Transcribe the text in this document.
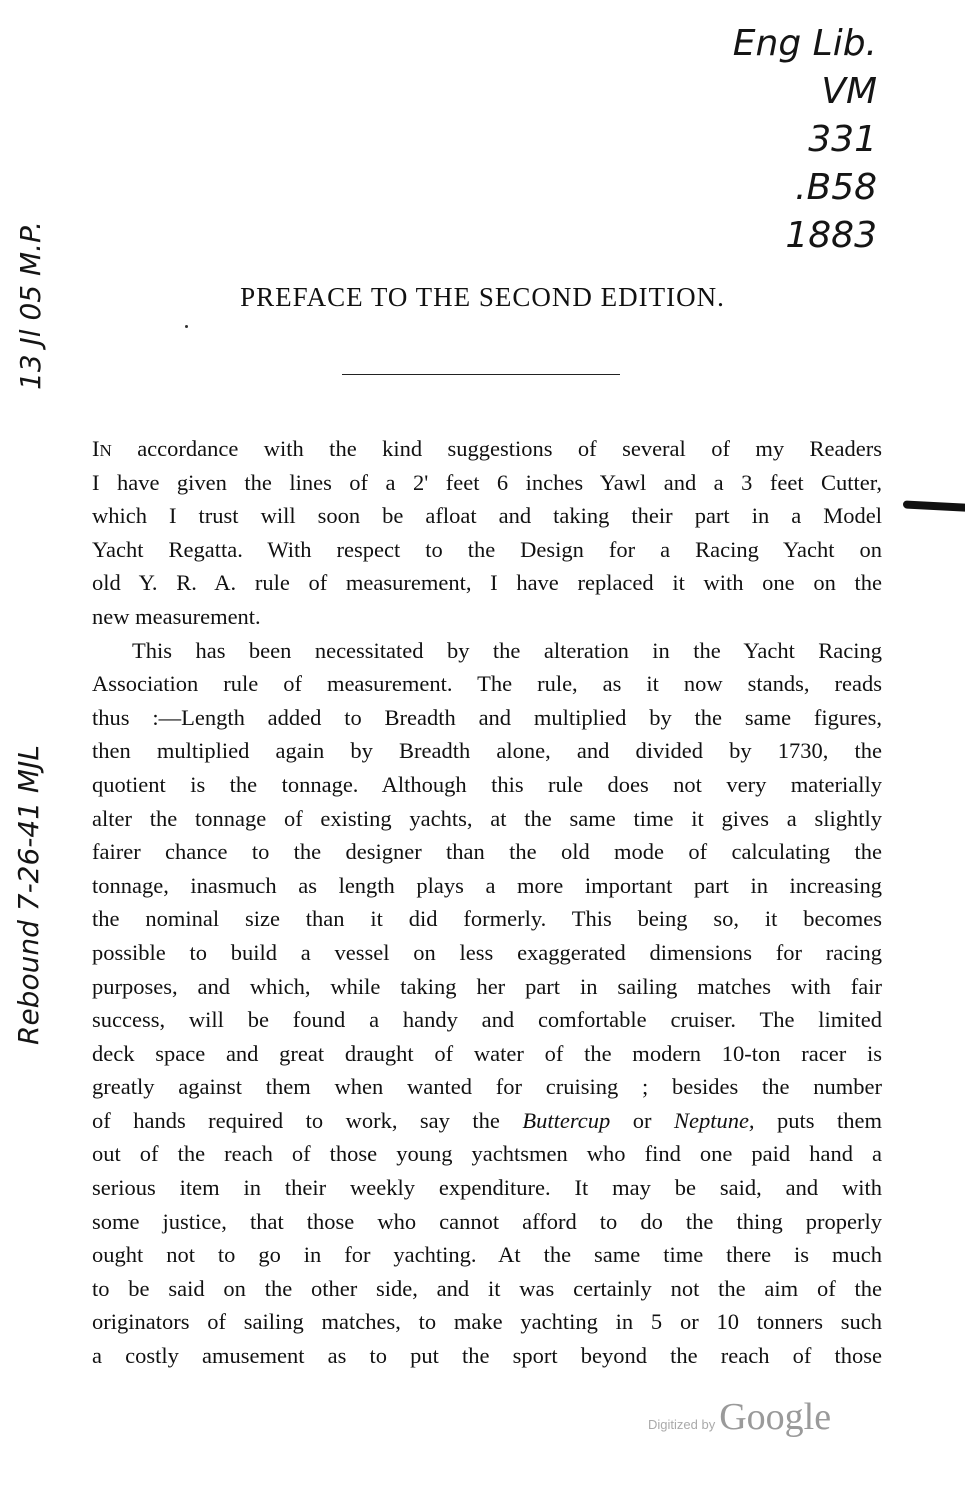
Eng Lib.
VM
331
.B58
1883
13 Jl 05 M.P.
Rebound 7-26-41 MJL
PREFACE TO THE SECOND EDITION.
IN accordance with the kind suggestions of several of my Readers
I have given the lines of a 2' feet 6 inches Yawl and a 3 feet Cutter,
which I trust will soon be afloat and taking their part in a Model
Yacht Regatta. With respect to the Design for a Racing Yacht on
old Y. R. A. rule of measurement, I have replaced it with one on the
new measurement.
This has been necessitated by the alteration in the Yacht Racing
Association rule of measurement. The rule, as it now stands, reads
thus :—Length added to Breadth and multiplied by the same figures,
then multiplied again by Breadth alone, and divided by 1730, the
quotient is the tonnage. Although this rule does not very materially
alter the tonnage of existing yachts, at the same time it gives a slightly
fairer chance to the designer than the old mode of calculating the
tonnage, inasmuch as length plays a more important part in increasing
the nominal size than it did formerly. This being so, it becomes
possible to build a vessel on less exaggerated dimensions for racing
purposes, and which, while taking her part in sailing matches with fair
success, will be found a handy and comfortable cruiser. The limited
deck space and great draught of water of the modern 10-ton racer is
greatly against them when wanted for cruising ; besides the number
of hands required to work, say the Buttercup or Neptune, puts them
out of the reach of those young yachtsmen who find one paid hand a
serious item in their weekly expenditure. It may be said, and with
some justice, that those who cannot afford to do the thing properly
ought not to go in for yachting. At the same time there is much
to be said on the other side, and it was certainly not the aim of the
originators of sailing matches, to make yachting in 5 or 10 tonners such
a costly amusement as to put the sport beyond the reach of those
Digitized by Google
